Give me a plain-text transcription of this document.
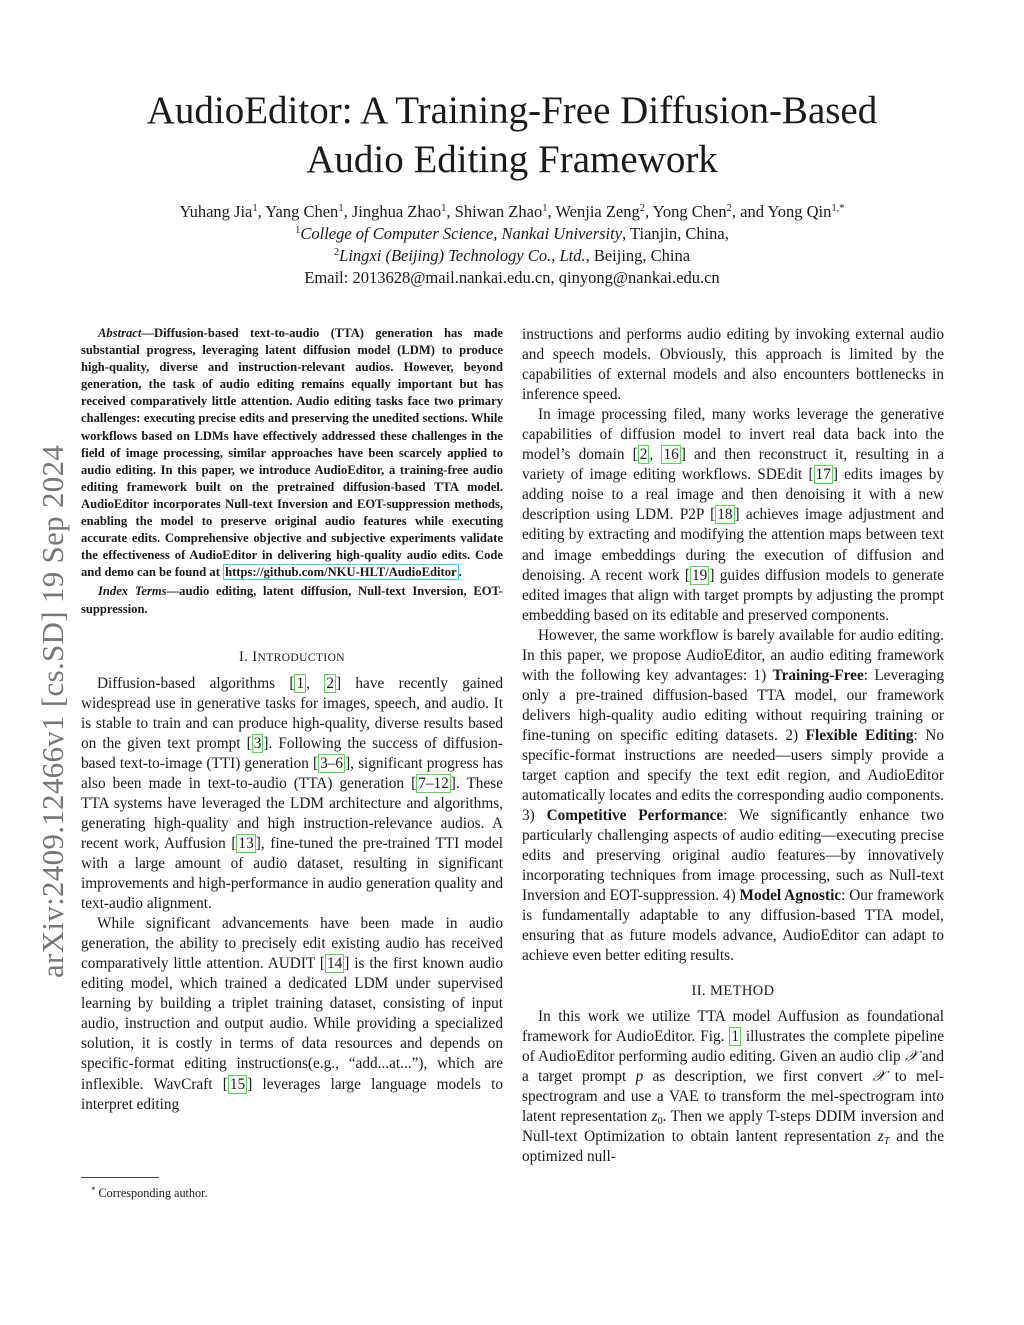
arXiv:2409.12466v1 [cs.SD] 19 Sep 2024
AudioEditor: A Training-Free Diffusion-Based
Audio Editing Framework
Yuhang Jia$^1$, Yang Chen$^1$, Jinghua Zhao$^1$, Shiwan Zhao$^1$, Wenjia Zeng$^2$, Yong Chen$^2$, and Yong Qin$^{1,*}$
$^1$College of Computer Science, Nankai University, Tianjin, China,
$^2$Lingxi (Beijing) Technology Co., Ltd., Beijing, China
Email: 2013628@mail.nankai.edu.cn, qinyong@nankai.edu.cn

Abstract—Diffusion-based text-to-audio (TTA) generation has made substantial progress, leveraging latent diffusion model (LDM) to produce high-quality, diverse and instruction-relevant audios. However, beyond generation, the task of audio editing remains equally important but has received comparatively little attention. Audio editing tasks face two primary challenges: executing precise edits and preserving the unedited sections. While workflows based on LDMs have effectively addressed these challenges in the field of image processing, similar approaches have been scarcely applied to audio editing. In this paper, we introduce AudioEditor, a training-free audio editing framework built on the pretrained diffusion-based TTA model. AudioEditor incorporates Null-text Inversion and EOT-suppression methods, enabling the model to preserve original audio features while executing accurate edits. Comprehensive objective and subjective experiments validate the effectiveness of AudioEditor in delivering high-quality audio edits. Code and demo can be found at https://github.com/NKU-HLT/AudioEditor .

Index Terms—audio editing, latent diffusion, Null-text Inversion, EOT-suppression.

I. INTRODUCTION

Diffusion-based algorithms [ 1 , 2 ] have recently gained widespread use in generative tasks for images, speech, and audio. It is stable to train and can produce high-quality, diverse results based on the given text prompt [ 3 ]. Following the success of diffusion-based text-to-image (TTI) generation [ 3–6 ], significant progress has also been made in text-to-audio (TTA) generation [ 7–12 ]. These TTA systems have leveraged the LDM architecture and algorithms, generating high-quality and high instruction-relevance audios. A recent work, Auffusion [ 13 ], fine-tuned the pre-trained TTI model with a large amount of audio dataset, resulting in significant improvements and high-performance in audio generation quality and text-audio alignment.

While significant advancements have been made in audio generation, the ability to precisely edit existing audio has received comparatively little attention. AUDIT [ 14 ] is the first known audio editing model, which trained a dedicated LDM under supervised learning by building a triplet training dataset, consisting of input audio, instruction and output audio. While providing a specialized solution, it is costly in terms of data resources and depends on specific-format editing instructions(e.g., “add...at...”), which are inflexible. WavCraft [ 15 ] leverages large language models to interpret editing

* Corresponding author.

instructions and performs audio editing by invoking external audio and speech models. Obviously, this approach is limited by the capabilities of external models and also encounters bottlenecks in inference speed.

In image processing filed, many works leverage the generative capabilities of diffusion model to invert real data back into the model’s domain [ 2 , 16 ] and then reconstruct it, resulting in a variety of image editing workflows. SDEdit [ 17 ] edits images by adding noise to a real image and then denoising it with a new description using LDM. P2P [ 18 ] achieves image adjustment and editing by extracting and modifying the attention maps between text and image embeddings during the execution of diffusion and denoising. A recent work [ 19 ] guides diffusion models to generate edited images that align with target prompts by adjusting the prompt embedding based on its editable and preserved components.

However, the same workflow is barely available for audio editing. In this paper, we propose AudioEditor, an audio editing framework with the following key advantages: 1) Training-Free: Leveraging only a pre-trained diffusion-based TTA model, our framework delivers high-quality audio editing without requiring training or fine-tuning on specific editing datasets. 2) Flexible Editing: No specific-format instructions are needed—users simply provide a target caption and specify the text edit region, and AudioEditor automatically locates and edits the corresponding audio components. 3) Competitive Performance: We significantly enhance two particularly challenging aspects of audio editing—executing precise edits and preserving original audio features—by innovatively incorporating techniques from image processing, such as Null-text Inversion and EOT-suppression. 4) Model Agnostic: Our framework is fundamentally adaptable to any diffusion-based TTA model, ensuring that as future models advance, AudioEditor can adapt to achieve even better editing results.

II. METHOD

In this work we utilize TTA model Auffusion as foundational framework for AudioEditor. Fig. 1 illustrates the complete pipeline of AudioEditor performing audio editing. Given an audio clip 𝒳 and a target prompt p as description, we first convert 𝒳 to mel-spectrogram and use a VAE to transform the mel-spectrogram into latent representation $z_0$. Then we apply T-steps DDIM inversion and Null-text Optimization to obtain lantent representation $z_T$ and the optimized null-
